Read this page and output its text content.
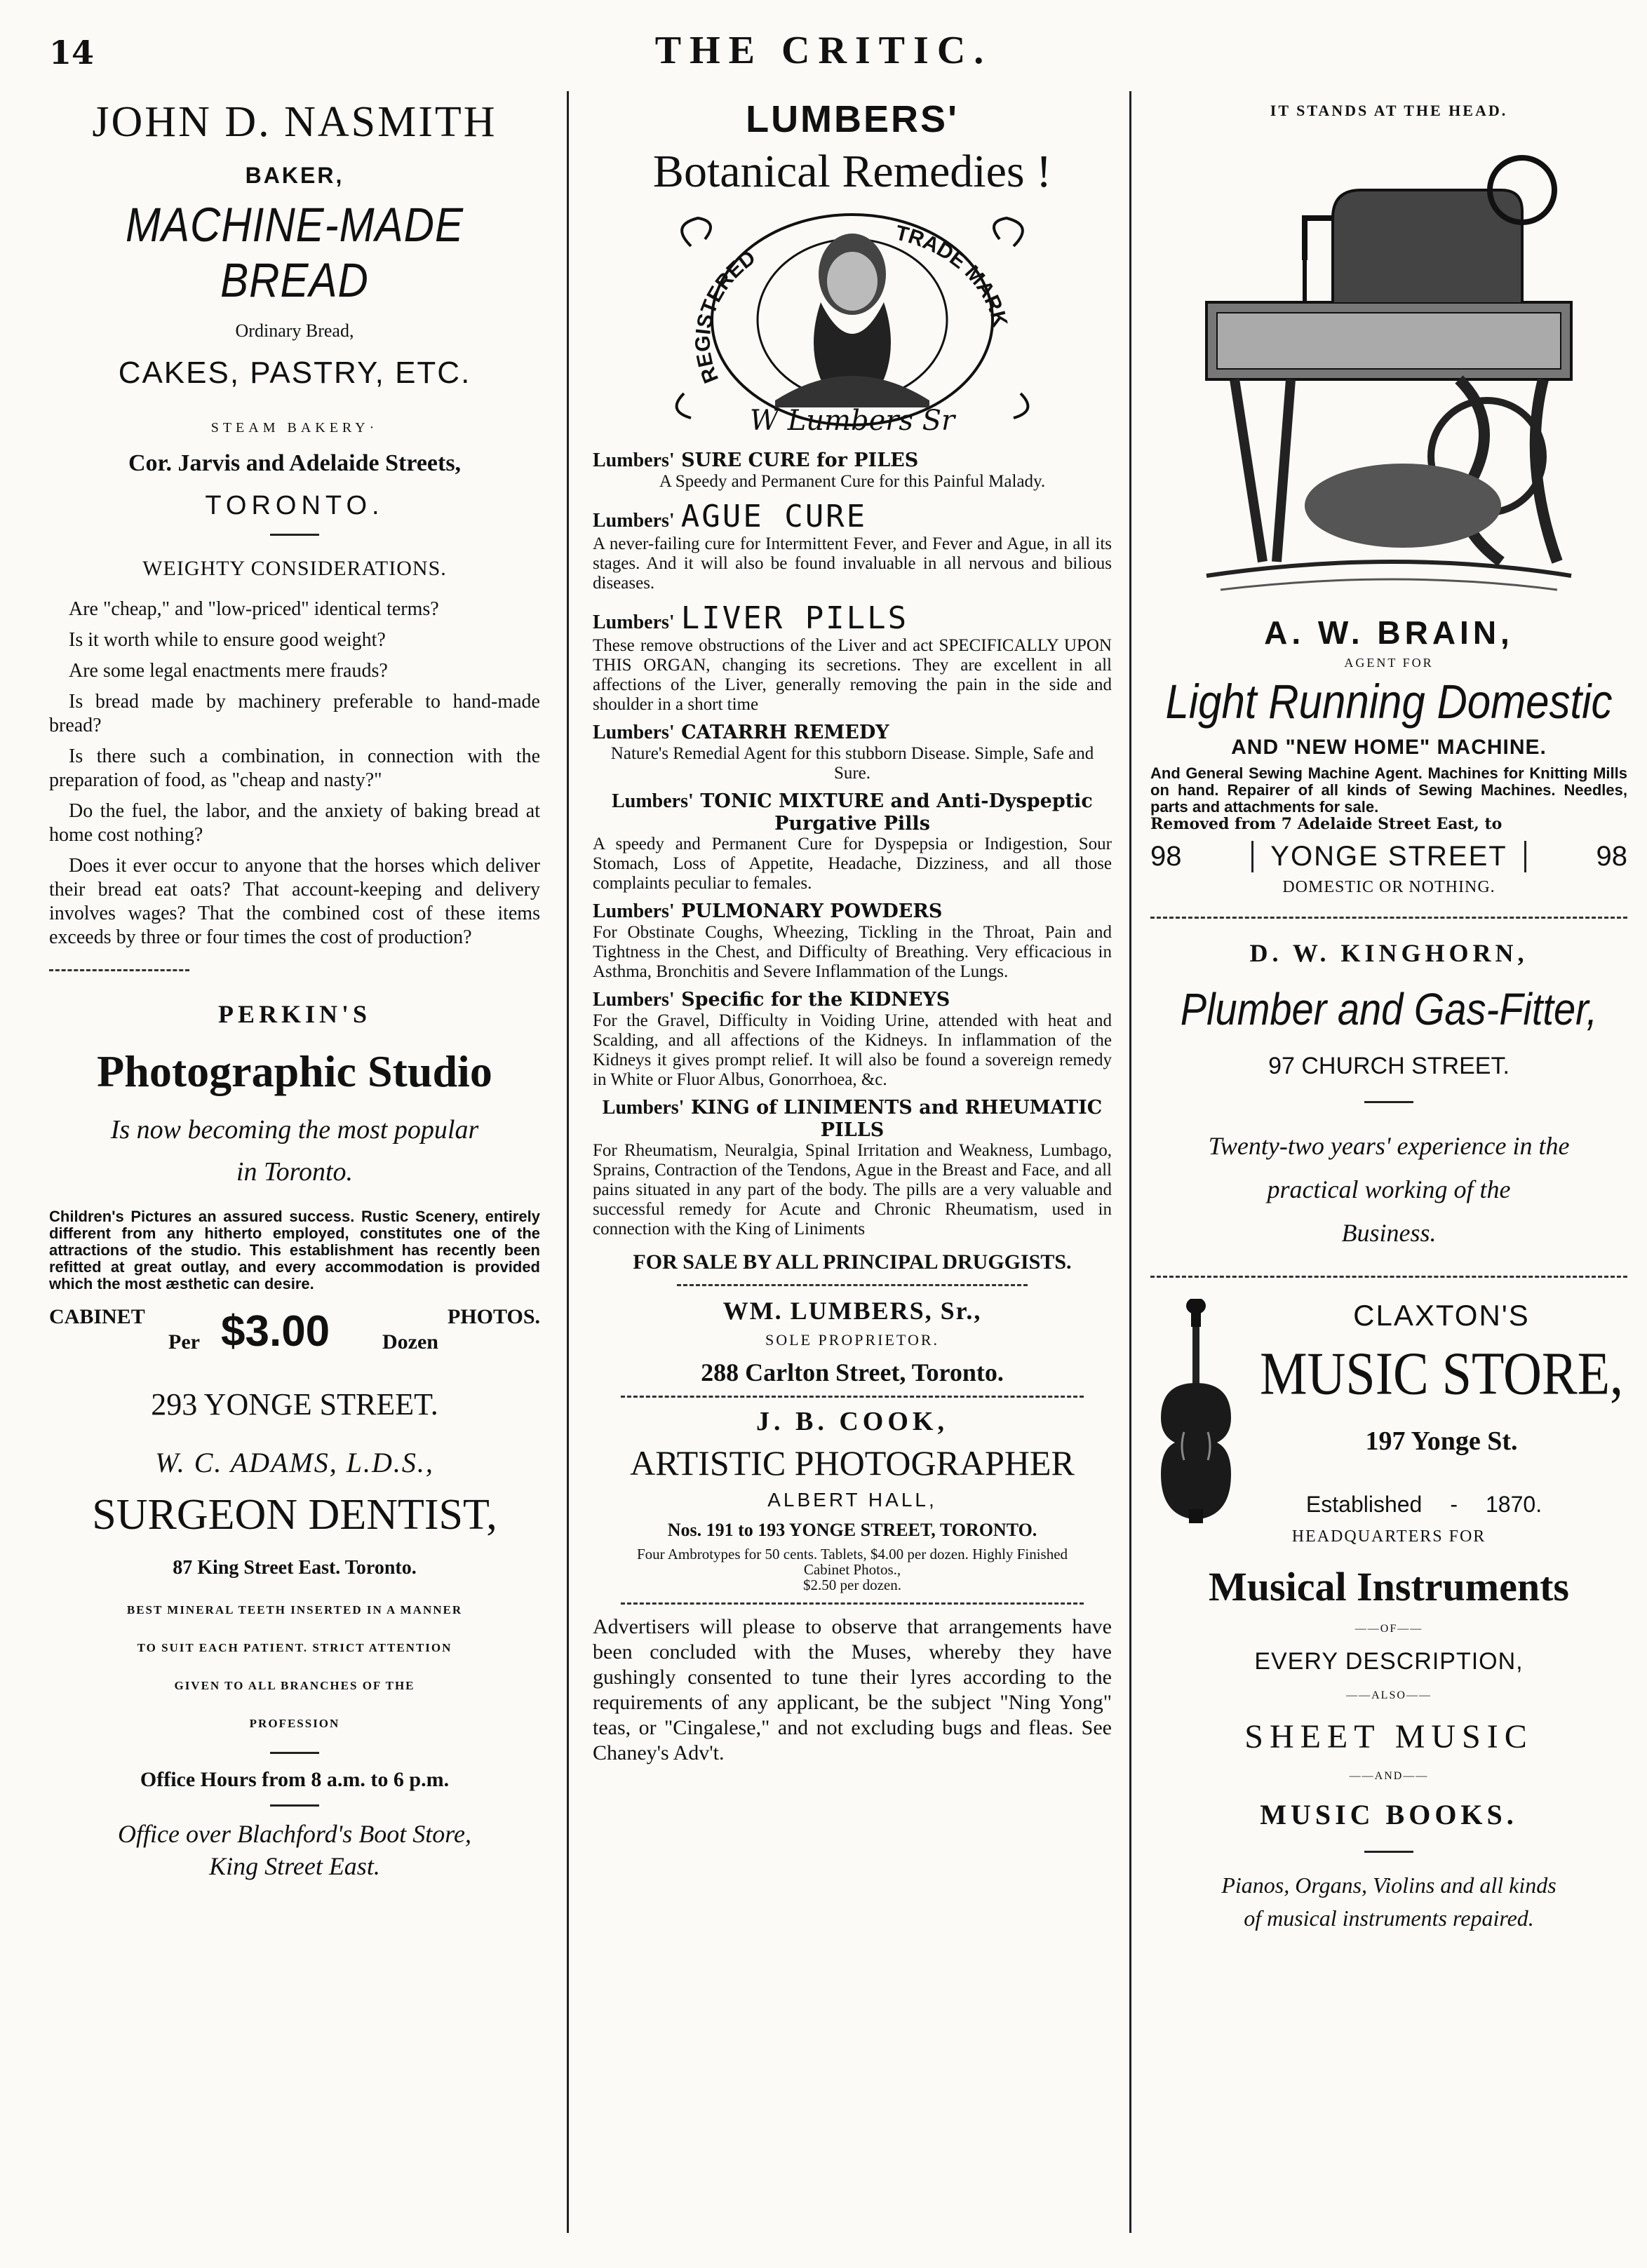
14	THE CRITIC.

JOHN D. NASMITH

BAKER,

MACHINE-MADE BREAD

Ordinary Bread,

CAKES, PASTRY, ETC.

STEAM BAKERY·

Cor. Jarvis and Adelaide Streets,

TORONTO.

WEIGHTY CONSIDERATIONS.

Are "cheap," and "low-priced" identical terms?

Is it worth while to ensure good weight?

Are some legal enactments mere frauds?

Is bread made by machinery preferable to hand-made bread?

Is there such a combination, in connection with the preparation of food, as "cheap and nasty?"

Do the fuel, the labor, and the anxiety of baking bread at home cost nothing?

Does it ever occur to anyone that the horses which deliver their bread eat oats? That account-keeping and delivery involves wages? That the combined cost of these items exceeds by three or four times the cost of production?

PERKIN'S

Photographic Studio

Is now becoming the most popular

in Toronto.

Children's Pictures an assured success. Rustic Scenery, entirely different from any hitherto employed, constitutes one of the attractions of the studio. This establishment has recently been refitted at great outlay, and every accommodation is provided which the most æsthetic can desire.

CABINET
Per $3.00	PHOTOS.
Dozen

293 YONGE STREET.

W. C. ADAMS, L.D.S.,

SURGEON DENTIST,

87 King Street East. Toronto.

BEST MINERAL TEETH INSERTED IN A MANNER

TO SUIT EACH PATIENT. STRICT ATTENTION

GIVEN TO ALL BRANCHES OF THE

PROFESSION

Office Hours from 8 a.m. to 6 p.m.

Office over Blachford's Boot Store,

King Street East.

LUMBERS'

Botanical Remedies !

REGISTERED
TRADE MARK
W Lumbers Sr

Lumbers' SURE CURE for PILES

A Speedy and Permanent Cure for this Painful Malady.

Lumbers' AGUE CURE

A never-failing cure for Intermittent Fever, and Fever and Ague, in all its stages. And it will also be found invaluable in all nervous and bilious diseases.

Lumbers' LIVER PILLS

These remove obstructions of the Liver and act SPECIFICALLY UPON THIS ORGAN, changing its secretions. They are excellent in all affections of the Liver, generally removing the pain in the side and shoulder in a short time

Lumbers' CATARRH REMEDY

Nature's Remedial Agent for this stubborn Disease. Simple, Safe and Sure.

Lumbers' TONIC MIXTURE and Anti-Dyspeptic Purgative Pills

A speedy and Permanent Cure for Dyspepsia or Indigestion, Sour Stomach, Loss of Appetite, Headache, Dizziness, and all those complaints peculiar to females.

Lumbers' PULMONARY POWDERS

For Obstinate Coughs, Wheezing, Tickling in the Throat, Pain and Tightness in the Chest, and Difficulty of Breathing. Very efficacious in Asthma, Bronchitis and Severe Inflammation of the Lungs.

Lumbers' Specific for the KIDNEYS

For the Gravel, Difficulty in Voiding Urine, attended with heat and Scalding, and all affections of the Kidneys. In inflammation of the Kidneys it gives prompt relief. It will also be found a sovereign remedy in White or Fluor Albus, Gonorrhoea, &c.

Lumbers' KING of LINIMENTS and RHEUMATIC PILLS

For Rheumatism, Neuralgia, Spinal Irritation and Weakness, Lumbago, Sprains, Contraction of the Tendons, Ague in the Breast and Face, and all pains situated in any part of the body. The pills are a very valuable and successful remedy for Acute and Chronic Rheumatism, used in connection with the King of Liniments

FOR SALE BY ALL PRINCIPAL DRUGGISTS.

WM. LUMBERS, Sr.,

SOLE PROPRIETOR.

288 Carlton Street, Toronto.

J. B. COOK,

ARTISTIC PHOTOGRAPHER

ALBERT HALL,

Nos. 191 to 193 YONGE STREET, TORONTO.

Four Ambrotypes for 50 cents. Tablets, $4.00 per dozen. Highly Finished Cabinet Photos.,

$2.50 per dozen.

Advertisers will please to observe that arrangements have been concluded with the Muses, whereby they have gushingly consented to tune their lyres according to the requirements of any applicant, be the subject "Ning Yong" teas, or "Cingalese," and not excluding bugs and fleas. See Chaney's Adv't.

IT STANDS AT THE HEAD.

A. W. BRAIN,

AGENT FOR

Light Running Domestic

AND "NEW HOME" MACHINE.

And General Sewing Machine Agent. Machines for Knitting Mills on hand. Repairer of all kinds of Sewing Machines. Needles, parts and attachments for sale.

Removed from 7 Adelaide Street East, to

98	YONGE STREET	98

DOMESTIC OR NOTHING.

D. W. KINGHORN,

Plumber and Gas-Fitter,

97 CHURCH STREET.

Twenty-two years' experience in the

practical working of the

Business.

CLAXTON'S

MUSIC STORE,

197 Yonge St.

Established - 1870.

HEADQUARTERS FOR

Musical Instruments

——OF——

EVERY DESCRIPTION,

——ALSO——

SHEET MUSIC

——AND——

MUSIC BOOKS.

Pianos, Organs, Violins and all kinds

of musical instruments repaired.
